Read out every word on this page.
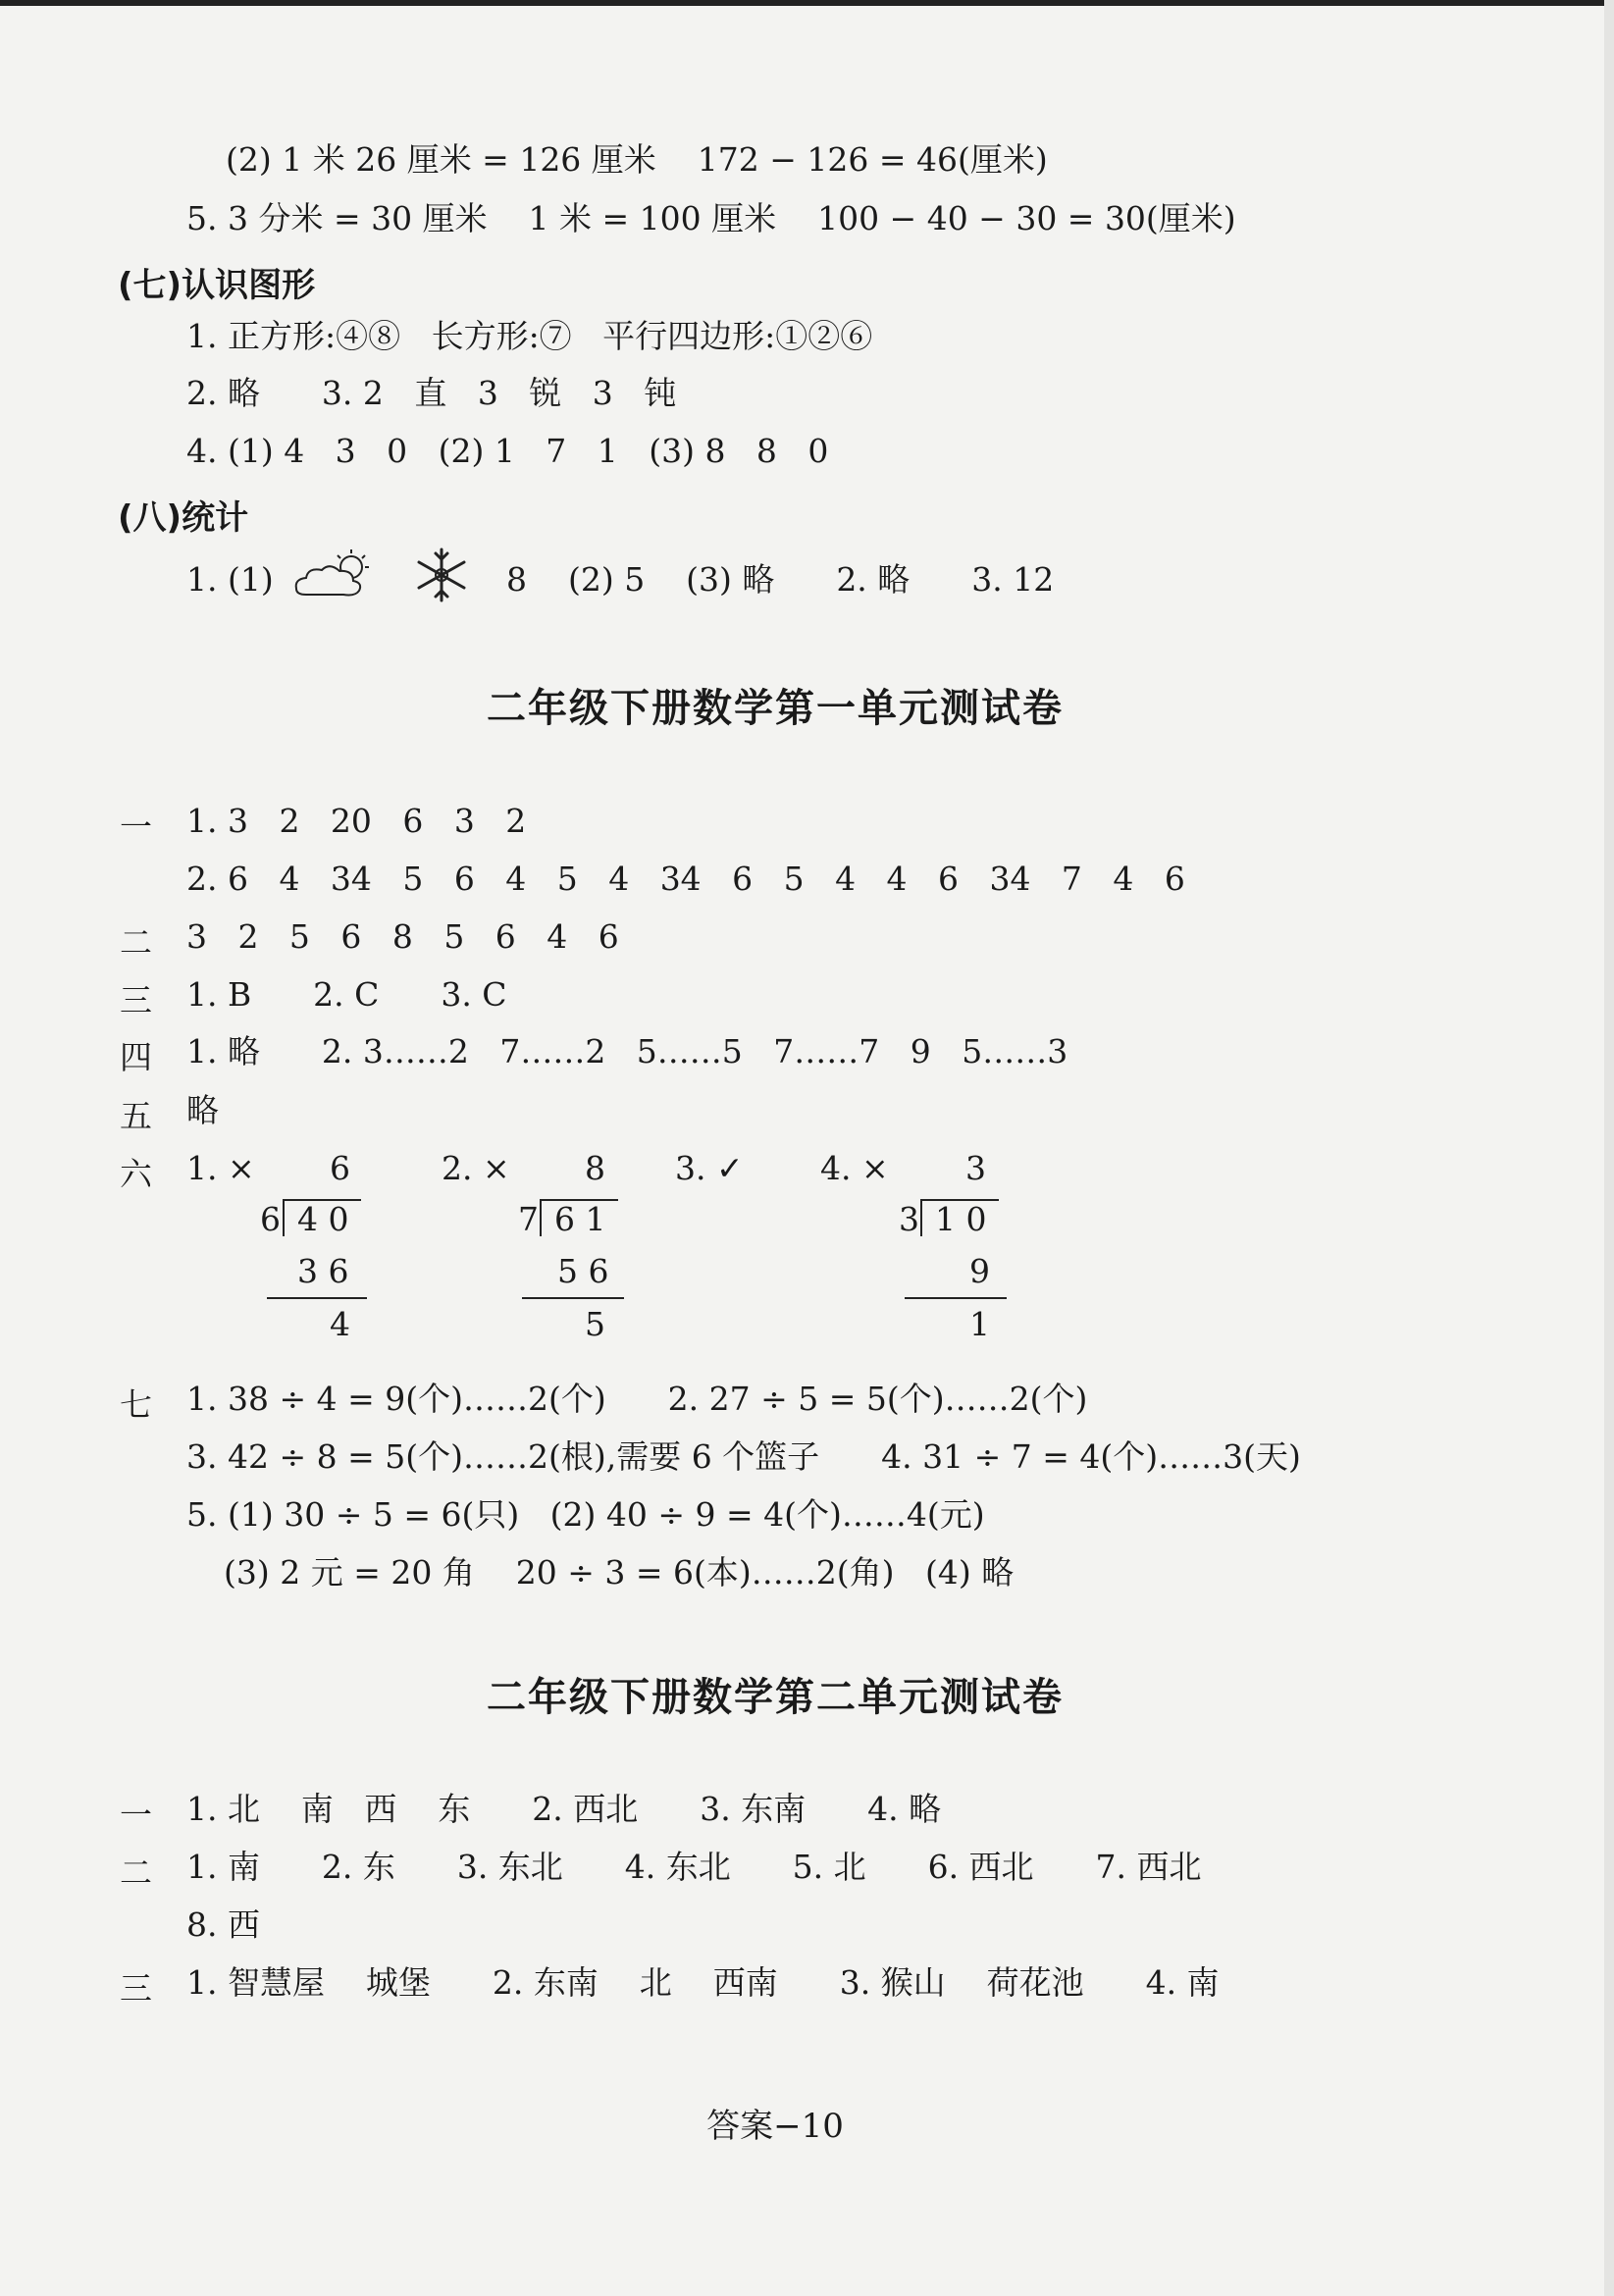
(2) 1 米 26 厘米 = 126 厘米    172 − 126 = 46(厘米)
5. 3 分米 = 30 厘米    1 米 = 100 厘米    100 − 40 − 30 = 30(厘米)
(七)认识图形
1. 正方形:④⑧   长方形:⑦   平行四边形:①②⑥
2. 略      3. 2   直   3   锐   3   钝
4. (1) 4   3   0   (2) 1   7   1   (3) 8   8   0
(八)统计
1. (1)	8    (2) 5    (3) 略      2. 略      3. 12
二年级下册数学第一单元测试卷
一 1. 3   2   20   6   3   2
2. 6   4   34   5   6   4   5   4   34   6   5   4   4   6   34   7   4   6
二 3   2   5   6   8   5   6   4   6
三 1. B      2. C      3. C
四 1. 略      2. 3……2   7……2   5……5   7……7   9   5……3
五 略
六 1. ×	2. ×	3. ✓ 4. ×
6
6 4 0
3 6
4
8
7 6 1
5 6
5
3
3 1 0
9
1
七 1. 38 ÷ 4 = 9(个)……2(个)      2. 27 ÷ 5 = 5(个)……2(个)
3. 42 ÷ 8 = 5(个)……2(根),需要 6 个篮子      4. 31 ÷ 7 = 4(个)……3(天)
5. (1) 30 ÷ 5 = 6(只)   (2) 40 ÷ 9 = 4(个)……4(元)
(3) 2 元 = 20 角    20 ÷ 3 = 6(本)……2(角)   (4) 略
二年级下册数学第二单元测试卷
一 1. 北    南   西    东      2. 西北      3. 东南      4. 略
二 1. 南      2. 东      3. 东北      4. 东北      5. 北      6. 西北      7. 西北
8. 西
三 1. 智慧屋    城堡      2. 东南    北    西南      3. 猴山    荷花池      4. 南
答案−10
